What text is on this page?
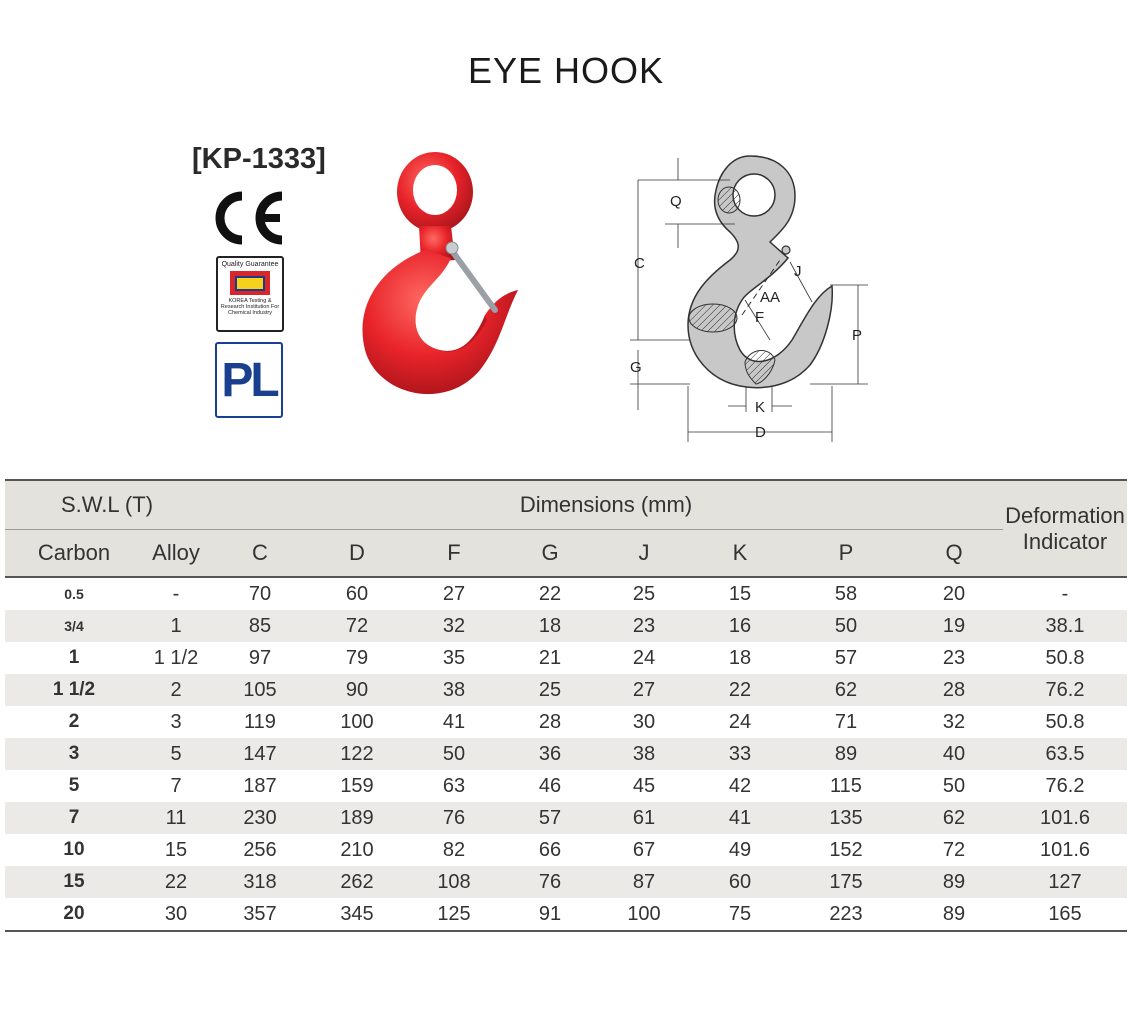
EYE HOOK
[KP-1333]
Quality Guarantee
KOREA Testing & Research Institution For Chemical Industry
PL
Q
C
G
J
AA
F
P
K
D
S.W.L (T)		Dimensions (mm)								Deformation
Indicator

Carbon	Alloy	C	D	F	G	J	K	P	Q	
0.5	-	70	60	27	22	25	15	58	20	-
3/4	1	85	72	32	18	23	16	50	19	38.1
1	1 1/2	97	79	35	21	24	18	57	23	50.8
1 1/2	2	105	90	38	25	27	22	62	28	76.2
2	3	119	100	41	28	30	24	71	32	50.8
3	5	147	122	50	36	38	33	89	40	63.5
5	7	187	159	63	46	45	42	115	50	76.2
7	11	230	189	76	57	61	41	135	62	101.6
10	15	256	210	82	66	67	49	152	72	101.6
15	22	318	262	108	76	87	60	175	89	127
20	30	357	345	125	91	100	75	223	89	165
